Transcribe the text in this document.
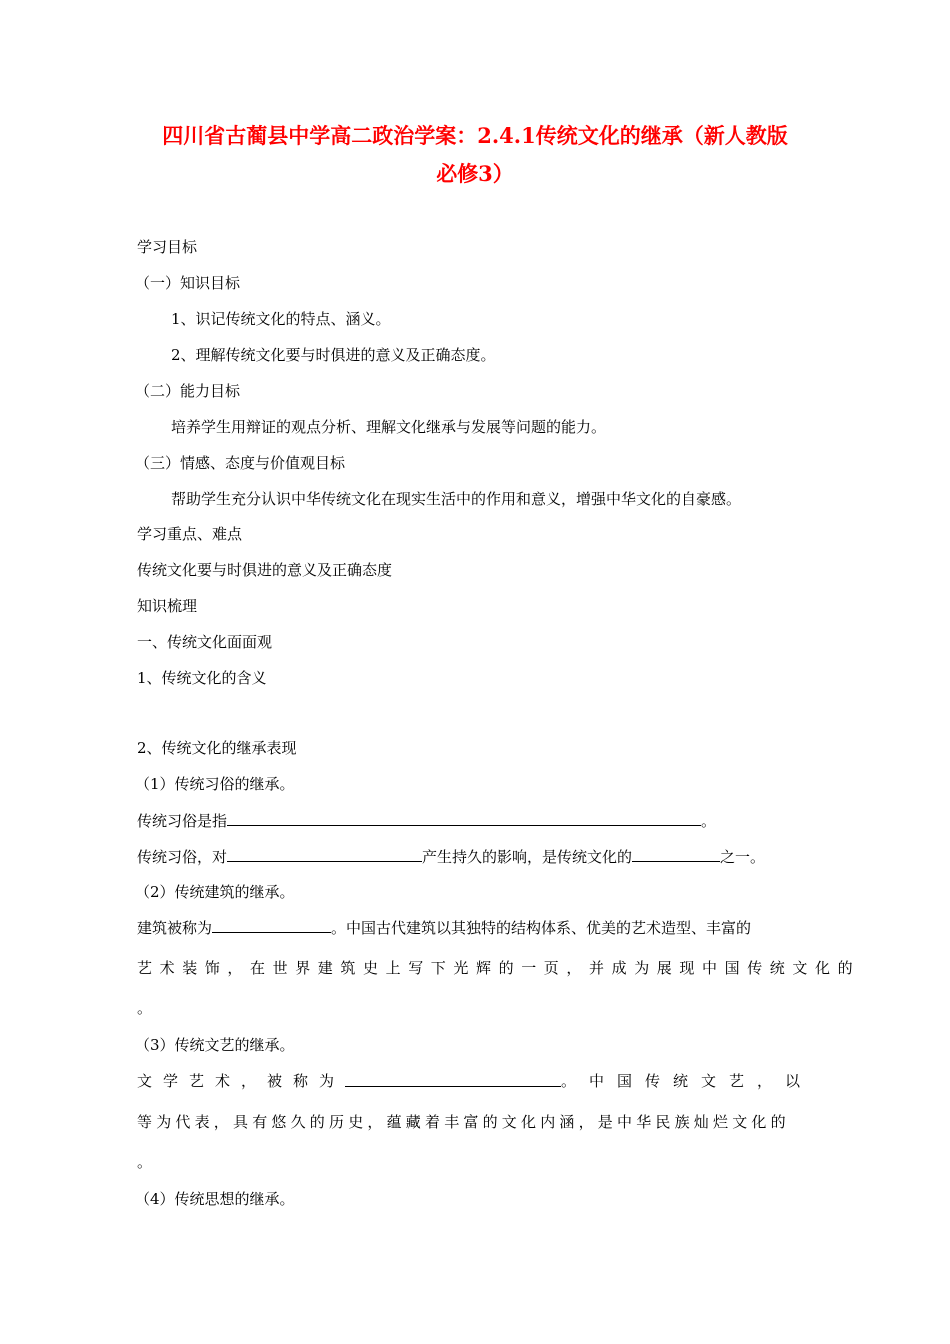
四川省古蔺县中学高二政治学案：2.4.1传统文化的继承（新人教版
必修3）
学习目标
（一）知识目标
1、识记传统文化的特点、涵义。
2、理解传统文化要与时俱进的意义及正确态度。
（二）能力目标
培养学生用辩证的观点分析、理解文化继承与发展等问题的能力。
（三）情感、态度与价值观目标
帮助学生充分认识中华传统文化在现实生活中的作用和意义，增强中华文化的自豪感。
学习重点、难点
传统文化要与时俱进的意义及正确态度
知识梳理
一、传统文化面面观
1、传统文化的含义
2、传统文化的继承表现
（1）传统习俗的继承。
传统习俗是指	。
传统习俗，对	产生持久的影响，是传统文化的	之一。
（2）传统建筑的继承。
建筑被称为	。中国古代建筑以其独特的结构体系、优美的艺术造型、丰富的
艺术装饰，在世界建筑史上写下光辉的一页，并成为展现中国传统文化的
。
（3）传统文艺的继承。
文学艺术，被称为	。中国传统文艺，以
等为代表，具有悠久的历史，蕴藏着丰富的文化内涵，是中华民族灿烂文化的
。
（4）传统思想的继承。
